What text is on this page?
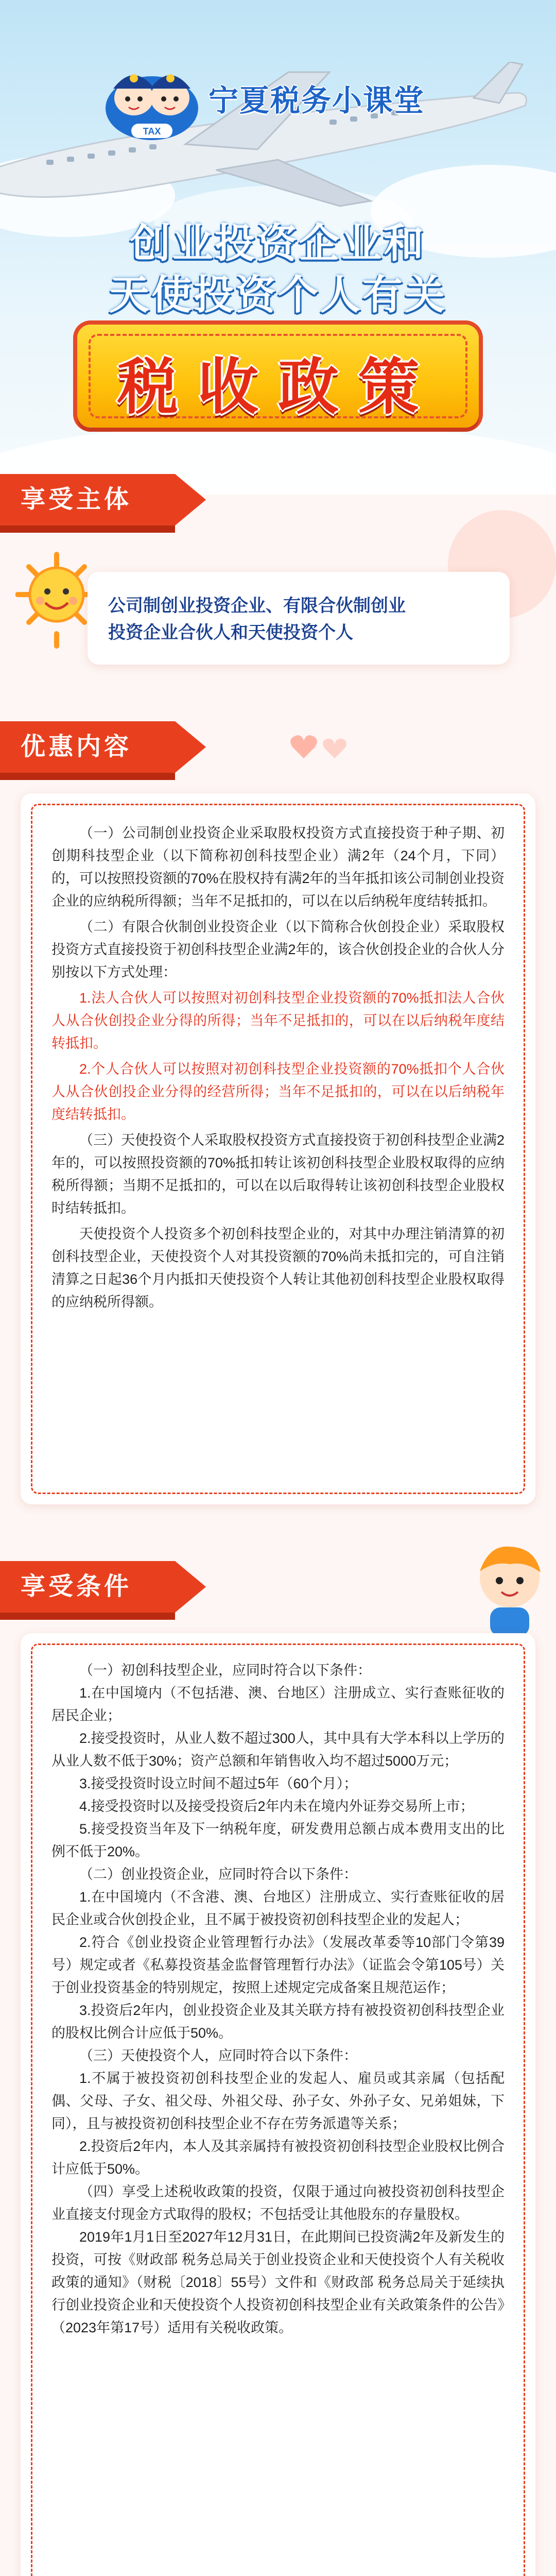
TAX
宁夏税务小课堂
创业投资企业和
天使投资个人有关
税收政策
享受主体
公司制创业投资企业、有限合伙制创业
投资企业合伙人和天使投资个人
优惠内容

（一）公司制创业投资企业采取股权投资方式直接投资于种子期、初创期科技型企业（以下简称初创科技型企业）满2年（24个月，下同）的，可以按照投资额的70%在股权持有满2年的当年抵扣该公司制创业投资企业的应纳税所得额；当年不足抵扣的，可以在以后纳税年度结转抵扣。

（二）有限合伙制创业投资企业（以下简称合伙创投企业）采取股权投资方式直接投资于初创科技型企业满2年的，该合伙创投企业的合伙人分别按以下方式处理：

1.法人合伙人可以按照对初创科技型企业投资额的70%抵扣法人合伙人从合伙创投企业分得的所得；当年不足抵扣的，可以在以后纳税年度结转抵扣。

2.个人合伙人可以按照对初创科技型企业投资额的70%抵扣个人合伙人从合伙创投企业分得的经营所得；当年不足抵扣的，可以在以后纳税年度结转抵扣。

（三）天使投资个人采取股权投资方式直接投资于初创科技型企业满2年的，可以按照投资额的70%抵扣转让该初创科技型企业股权取得的应纳税所得额；当期不足抵扣的，可以在以后取得转让该初创科技型企业股权时结转抵扣。

天使投资个人投资多个初创科技型企业的，对其中办理注销清算的初创科技型企业，天使投资个人对其投资额的70%尚未抵扣完的，可自注销清算之日起36个月内抵扣天使投资个人转让其他初创科技型企业股权取得的应纳税所得额。

享受条件

（一）初创科技型企业，应同时符合以下条件：

1.在中国境内（不包括港、澳、台地区）注册成立、实行查账征收的居民企业；

2.接受投资时，从业人数不超过300人，其中具有大学本科以上学历的从业人数不低于30%；资产总额和年销售收入均不超过5000万元；

3.接受投资时设立时间不超过5年（60个月）；

4.接受投资时以及接受投资后2年内未在境内外证券交易所上市；

5.接受投资当年及下一纳税年度，研发费用总额占成本费用支出的比例不低于20%。

（二）创业投资企业，应同时符合以下条件：

1.在中国境内（不含港、澳、台地区）注册成立、实行查账征收的居民企业或合伙创投企业，且不属于被投资初创科技型企业的发起人；

2.符合《创业投资企业管理暂行办法》（发展改革委等10部门令第39号）规定或者《私募投资基金监督管理暂行办法》（证监会令第105号）关于创业投资基金的特别规定，按照上述规定完成备案且规范运作；

3.投资后2年内，创业投资企业及其关联方持有被投资初创科技型企业的股权比例合计应低于50%。

（三）天使投资个人，应同时符合以下条件：

1.不属于被投资初创科技型企业的发起人、雇员或其亲属（包括配偶、父母、子女、祖父母、外祖父母、孙子女、外孙子女、兄弟姐妹，下同），且与被投资初创科技型企业不存在劳务派遣等关系；

2.投资后2年内，本人及其亲属持有被投资初创科技型企业股权比例合计应低于50%。

（四）享受上述税收政策的投资，仅限于通过向被投资初创科技型企业直接支付现金方式取得的股权；不包括受让其他股东的存量股权。

2019年1月1日至2027年12月31日，在此期间已投资满2年及新发生的投资，可按《财政部 税务总局关于创业投资企业和天使投资个人有关税收政策的通知》（财税〔2018〕55号）文件和《财政部 税务总局关于延续执行创业投资企业和天使投资个人投资初创科技型企业有关政策条件的公告》（2023年第17号）适用有关税收政策。
